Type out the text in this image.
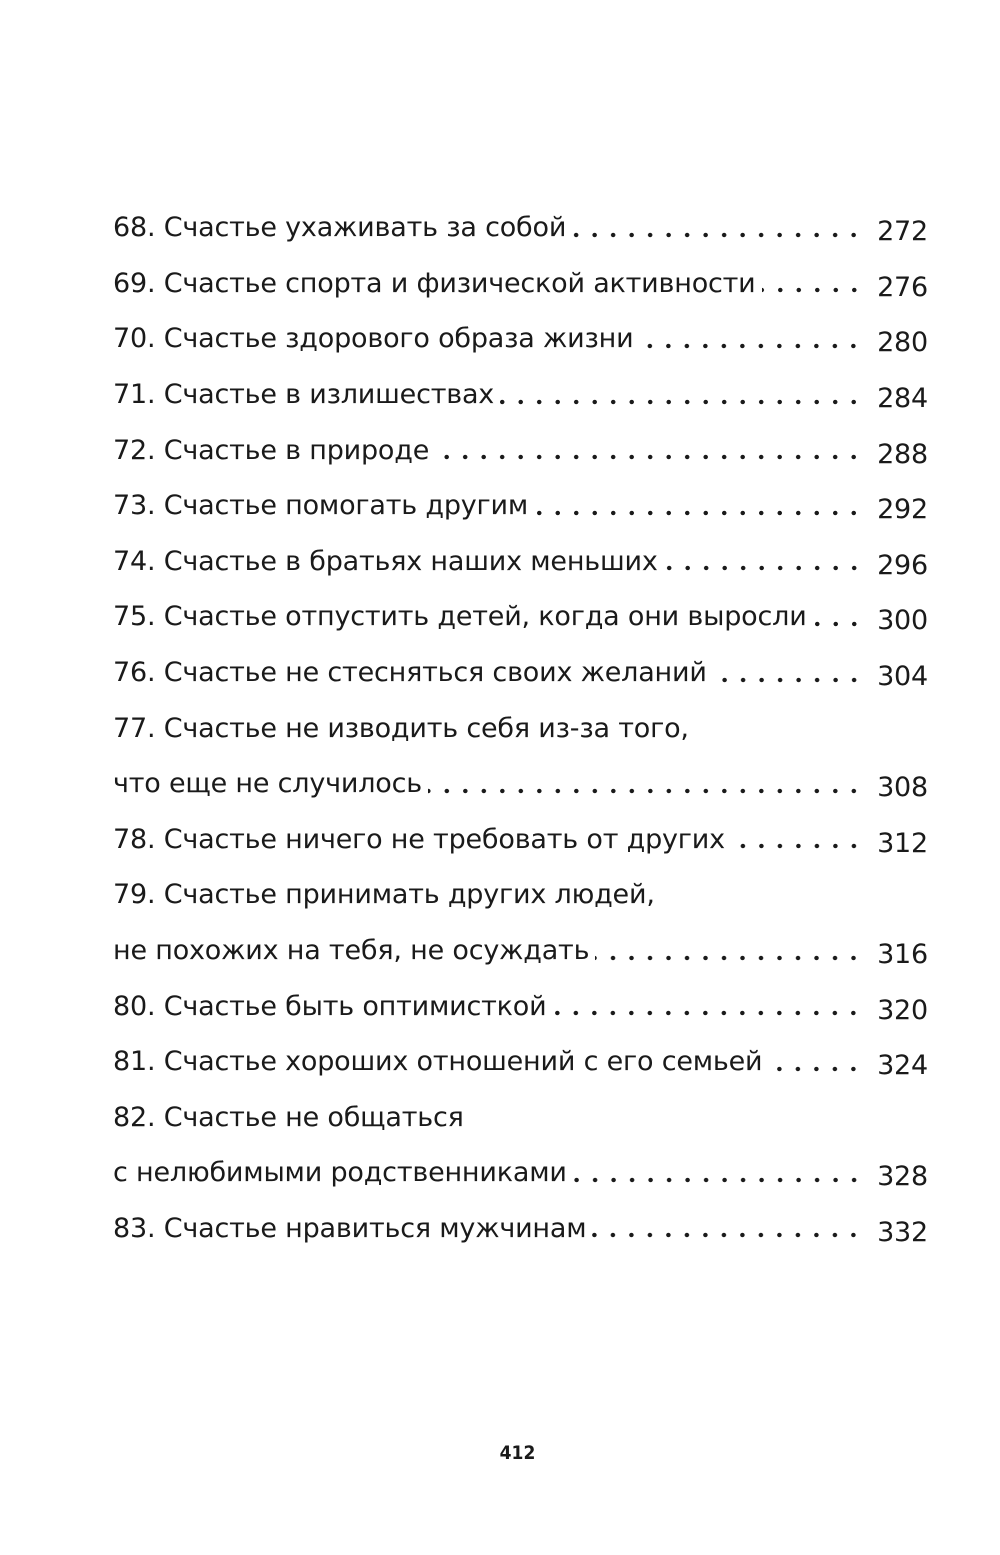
68. Счастье ухаживать за собой	272
69. Счастье спорта и физической активности	276
70. Счастье здорового образа жизни	280
71. Счастье в излишествах	284
72. Счастье в природе	288
73. Счастье помогать другим	292
74. Счастье в братьях наших меньших	296
75. Счастье отпустить детей, когда они выросли	300
76. Счастье не стесняться своих желаний	304
77. Счастье не изводить себя из-за того,
что еще не случилось	308
78. Счастье ничего не требовать от других	312
79. Счастье принимать других людей,
не похожих на тебя, не осуждать	316
80. Счастье быть оптимисткой	320
81. Счастье хороших отношений с его семьей	324
82. Счастье не общаться
с нелюбимыми родственниками	328
83. Счастье нравиться мужчинам	332
412
